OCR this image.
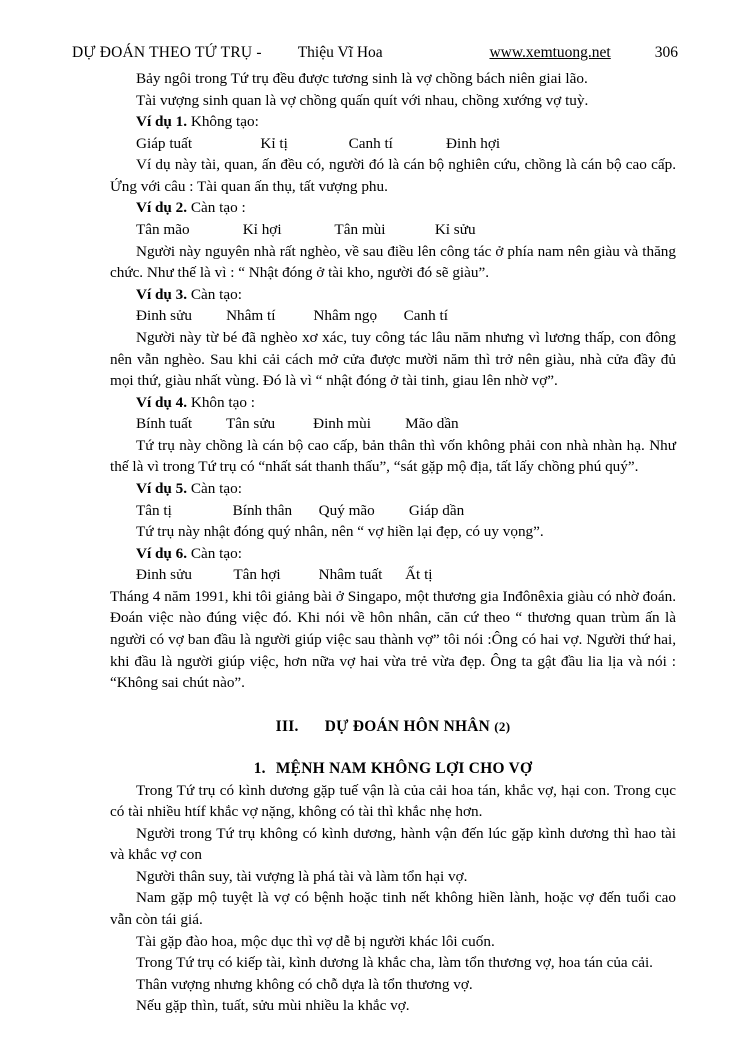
DỰ ĐOÁN THEO TỨ TRỤ - Thiệu Vĩ Hoa	www.xemtuong.net	306

Bảy ngôi trong Tứ trụ đều được tương sinh là vợ chồng bách niên giai lão.

Tài vượng sinh quan là vợ chồng quấn quít với nhau, chồng xướng vợ tuỳ.

Ví dụ 1. Không tạo:

Giáp tuất                  Kỉ tị                Canh tí              Đinh hợi

Ví dụ này tài, quan, ấn đều có, người đó là cán bộ nghiên cứu, chồng là cán bộ cao cấp. Ứng với câu : Tài quan ấn thụ, tất vượng phu.

Ví dụ 2. Càn tạo :

Tân mão              Kỉ hợi              Tân mùi             Kỉ sửu

Người này nguyên nhà rất nghèo, về sau điều lên công tác ở phía nam nên giàu và thăng chức. Như thế là vì : “ Nhật đóng ở tài kho, người đó sẽ giàu”.

Ví dụ 3. Càn tạo:

Đinh sửu         Nhâm tí          Nhâm ngọ       Canh tí

Người này từ bé đã nghèo xơ xác, tuy công tác lâu năm nhưng vì lương thấp, con đông nên vẫn nghèo. Sau khi cải cách mở cửa được mười năm thì trở nên giàu, nhà cửa đầy đủ mọi thứ, giàu nhất vùng. Đó là vì “ nhật đóng ở tài tinh, giau lên nhờ vợ”.

Ví dụ 4. Khôn tạo :

Bính tuất         Tân sửu          Đinh mùi         Mão dần

Tứ trụ này chồng là cán bộ cao cấp, bản thân thì vốn không phải con nhà nhàn hạ. Như thế là vì trong Tứ trụ có “nhất sát thanh thấu”, “sát gặp mộ địa, tất lấy chồng phú quý”.

Ví dụ 5. Càn tạo:

Tân tị                Bính thân       Quý mão         Giáp dần

Tứ trụ này nhật đóng quý nhân, nên “ vợ hiền lại đẹp, có uy vọng”.

Ví dụ 6. Càn tạo:

Đinh sửu           Tân hợi          Nhâm tuất      Ất tị

Tháng 4 năm 1991, khi tôi giảng bài ở Singapo, một thương gia Inđônêxia giàu có nhờ đoán. Đoán việc nào đúng việc đó. Khi nói về hôn nhân, căn cứ theo “ thương quan trùm ấn là người có vợ ban đầu là người giúp việc sau thành vợ” tôi nói :Ông có hai vợ. Người thứ hai, khi đầu là người giúp việc, hơn nữa vợ hai vừa trẻ vừa đẹp. Ông ta gật đầu lia lịa và nói : “Không sai chút nào”.

III. DỰ ĐOÁN HÔN NHÂN (2)
1. MỆNH NAM KHÔNG LỢI CHO VỢ

Trong Tứ trụ có kình dương gặp tuế vận là của cải hoa tán, khắc vợ, hại con. Trong cục có tài nhiều htíf khắc vợ nặng, không có tài thì khắc nhẹ hơn.

Người trong Tứ trụ không có kình dương, hành vận đến lúc gặp kình dương thì hao tài và khắc vợ con

Người thân suy, tài vượng là phá tài và làm tổn hại vợ.

Nam gặp mộ tuyệt là vợ có bệnh hoặc tinh nết không hiền lành, hoặc vợ đến tuổi cao vẫn còn tái giá.

Tài gặp đào hoa, mộc dục thì vợ dễ bị người khác lôi cuốn.

Trong Tứ trụ có kiếp tài, kình dương là khắc cha, làm tổn thương vợ, hoa tán của cải.

Thân vượng nhưng không có chỗ dựa là tổn thương vợ.

Nếu gặp thìn, tuất, sửu mùi nhiều la khắc vợ.
